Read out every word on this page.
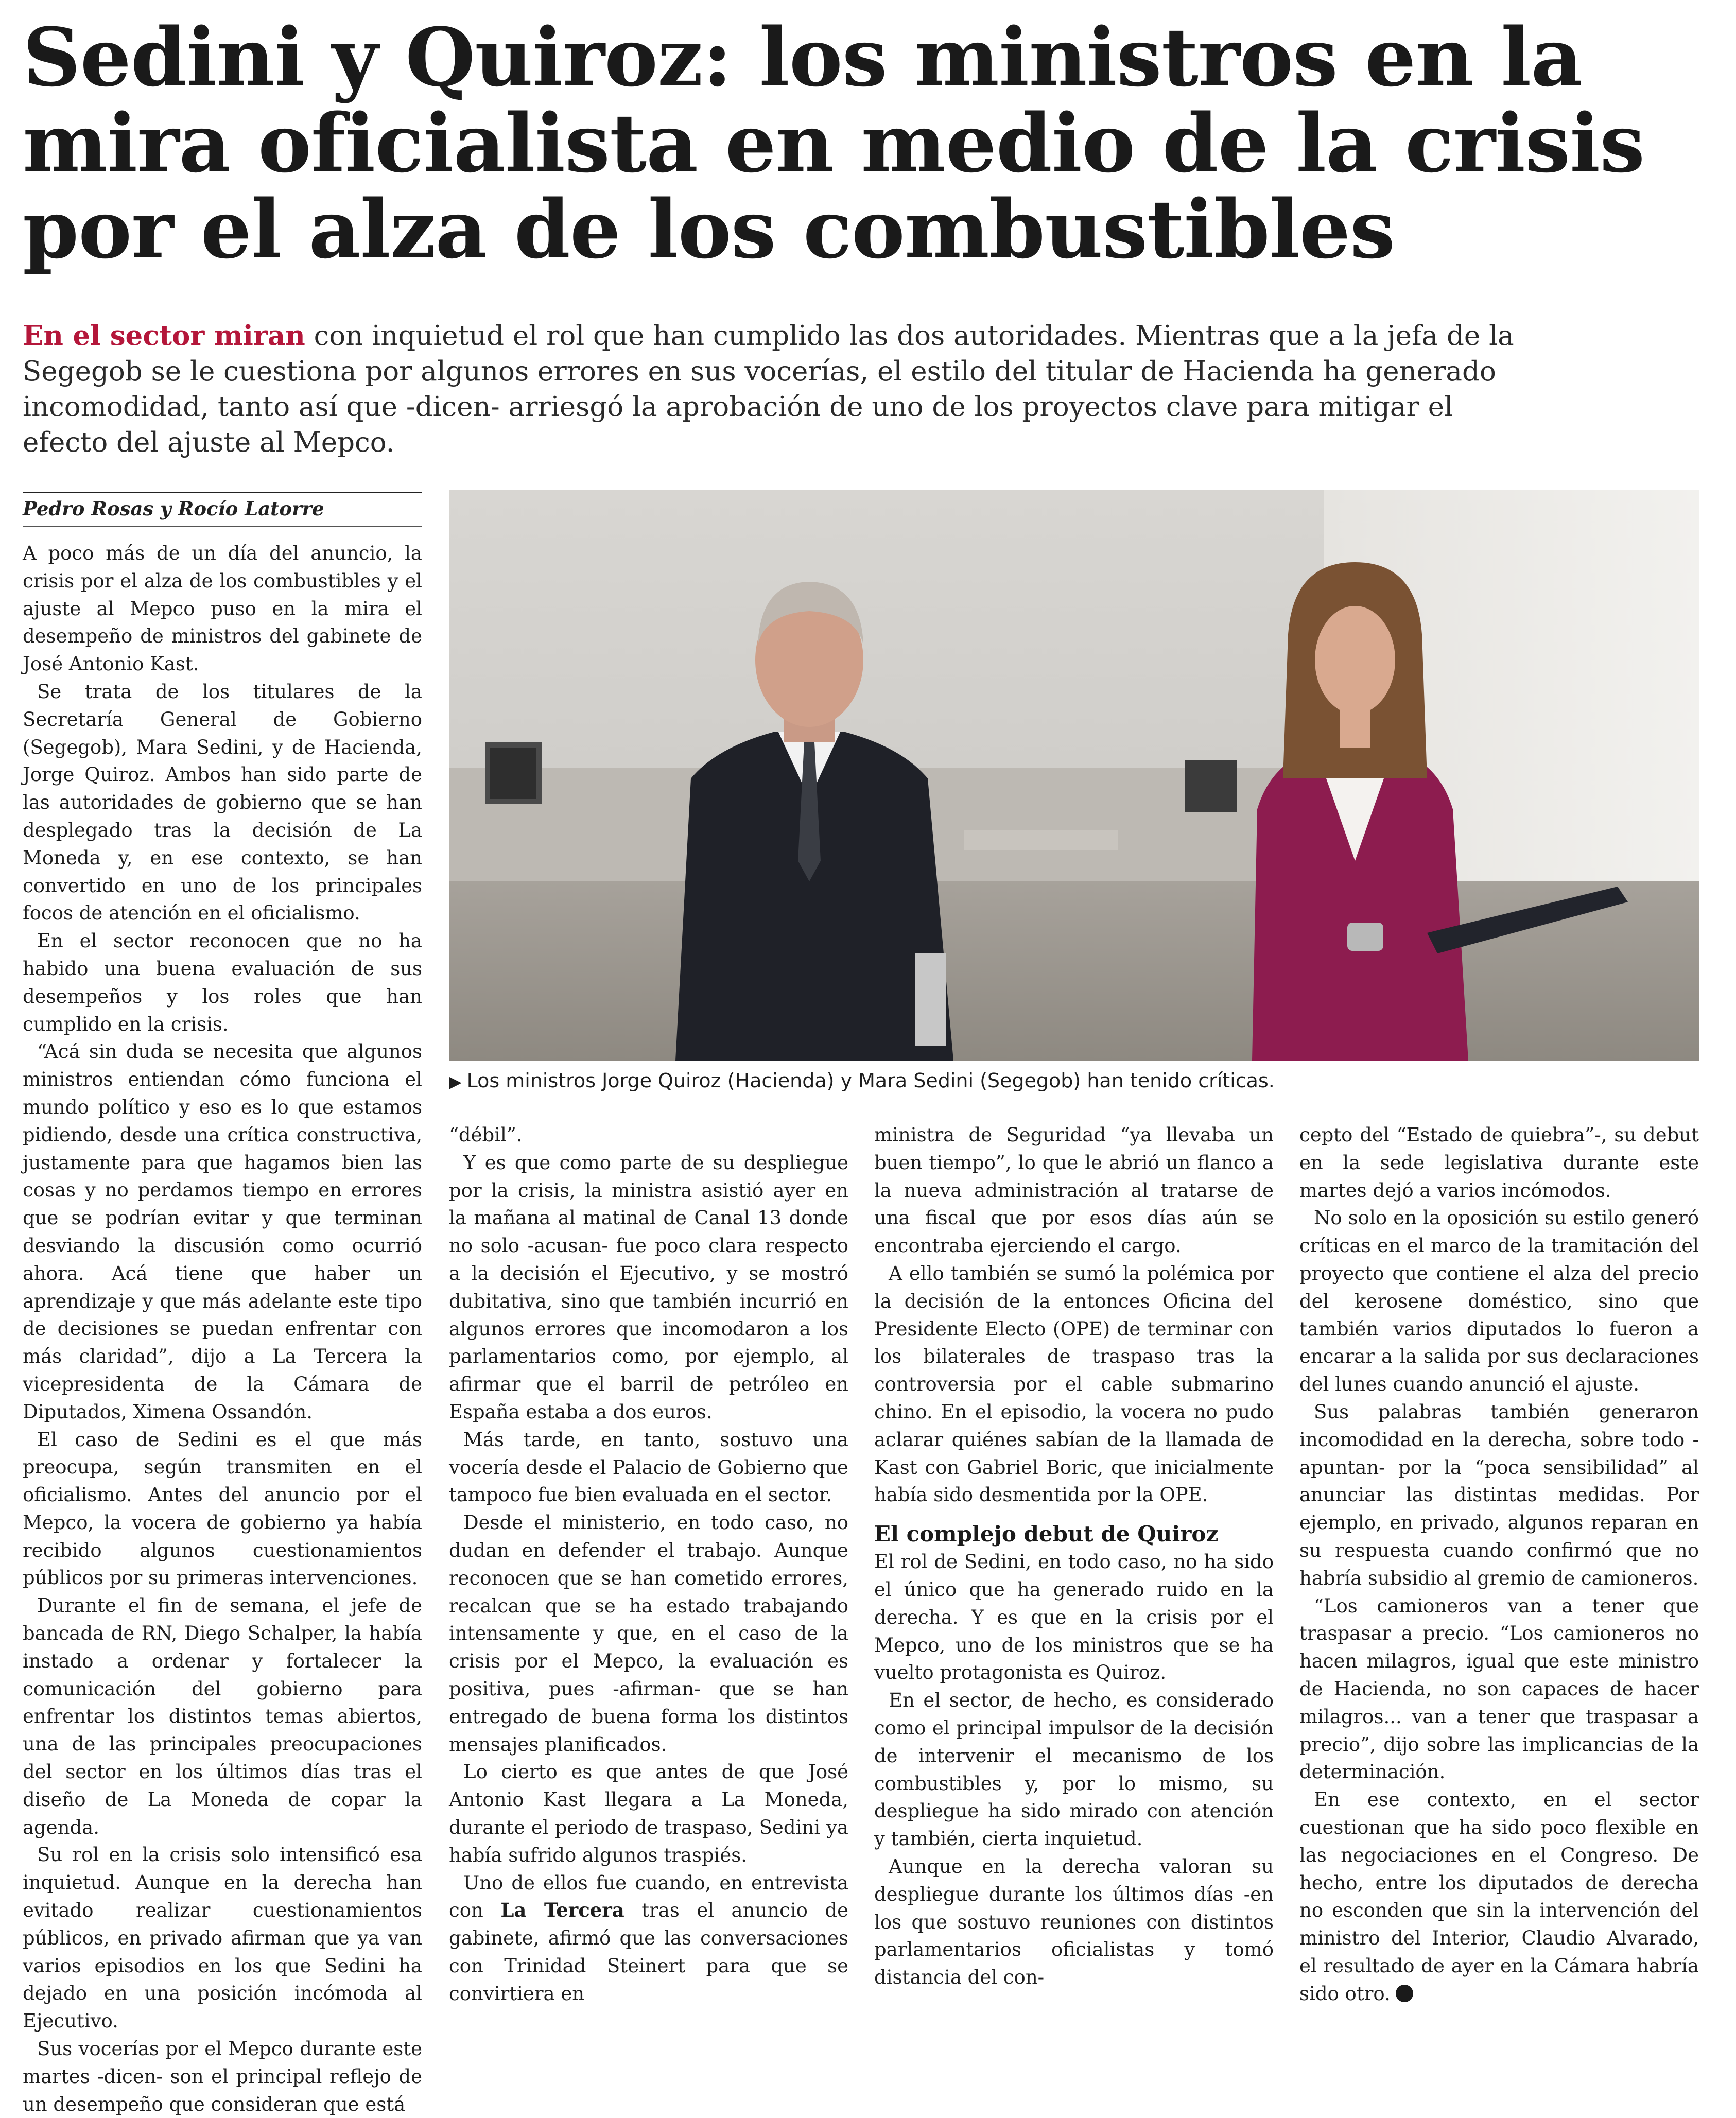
Sedini y Quiroz: los ministros en la mira oficialista en medio de la crisis por el alza de los combustibles

En el sector miran con inquietud el rol que han cumplido las dos autoridades. Mientras que a la jefa de la Segegob se le cuestiona por algunos errores en sus vocerías, el estilo del titular de Hacienda ha generado incomodidad, tanto así que -dicen- arriesgó la aprobación de uno de los proyectos clave para mitigar el efecto del ajuste al Mepco.

Pedro Rosas y Rocío Latorre

A poco más de un día del anuncio, la crisis por el alza de los combustibles y el ajuste al Mepco puso en la mira el desempeño de ministros del gabinete de José Antonio Kast.

Se trata de los titulares de la Secretaría General de Gobierno (Segegob), Mara Sedini, y de Hacienda, Jorge Quiroz. Ambos han sido parte de las autoridades de gobierno que se han desplegado tras la decisión de La Moneda y, en ese contexto, se han convertido en uno de los principales focos de atención en el oficialismo.

En el sector reconocen que no ha habido una buena evaluación de sus desempeños y los roles que han cumplido en la crisis.

“Acá sin duda se necesita que algunos ministros entiendan cómo funciona el mundo político y eso es lo que estamos pidiendo, desde una crítica constructiva, justamente para que hagamos bien las cosas y no perdamos tiempo en errores que se podrían evitar y que terminan desviando la discusión como ocurrió ahora. Acá tiene que haber un aprendizaje y que más adelante este tipo de decisiones se puedan enfrentar con más claridad”, dijo a La Tercera la vicepresidenta de la Cámara de Diputados, Ximena Ossandón.

El caso de Sedini es el que más preocupa, según transmiten en el oficialismo. Antes del anuncio por el Mepco, la vocera de gobierno ya había recibido algunos cuestionamientos públicos por su primeras intervenciones.

Durante el fin de semana, el jefe de bancada de RN, Diego Schalper, la había instado a ordenar y fortalecer la comunicación del gobierno para enfrentar los distintos temas abiertos, una de las principales preocupaciones del sector en los últimos días tras el diseño de La Moneda de copar la agenda.

Su rol en la crisis solo intensificó esa inquietud. Aunque en la derecha han evitado realizar cuestionamientos públicos, en privado afirman que ya van varios episodios en los que Sedini ha dejado en una posición incómoda al Ejecutivo.

Sus vocerías por el Mepco durante este martes -dicen- son el principal reflejo de un desempeño que consideran que está

▶ Los ministros Jorge Quiroz (Hacienda) y Mara Sedini (Segegob) han tenido críticas.

“débil”.

Y es que como parte de su despliegue por la crisis, la ministra asistió ayer en la mañana al matinal de Canal 13 donde no solo -acusan- fue poco clara respecto a la decisión el Ejecutivo, y se mostró dubitativa, sino que también incurrió en algunos errores que incomodaron a los parlamentarios como, por ejemplo, al afirmar que el barril de petróleo en España estaba a dos euros.

Más tarde, en tanto, sostuvo una vocería desde el Palacio de Gobierno que tampoco fue bien evaluada en el sector.

Desde el ministerio, en todo caso, no dudan en defender el trabajo. Aunque reconocen que se han cometido errores, recalcan que se ha estado trabajando intensamente y que, en el caso de la crisis por el Mepco, la evaluación es positiva, pues -afirman- que se han entregado de buena forma los distintos mensajes planificados.

Lo cierto es que antes de que José Antonio Kast llegara a La Moneda, durante el periodo de traspaso, Sedini ya había sufrido algunos traspiés.

Uno de ellos fue cuando, en entrevista con La Tercera tras el anuncio de gabinete, afirmó que las conversaciones con Trinidad Steinert para que se convirtiera en

ministra de Seguridad “ya llevaba un buen tiempo”, lo que le abrió un flanco a la nueva administración al tratarse de una fiscal que por esos días aún se encontraba ejerciendo el cargo.

A ello también se sumó la polémica por la decisión de la entonces Oficina del Presidente Electo (OPE) de terminar con los bilaterales de traspaso tras la controversia por el cable submarino chino. En el episodio, la vocera no pudo aclarar quiénes sabían de la llamada de Kast con Gabriel Boric, que inicialmente había sido desmentida por la OPE.

El complejo debut de Quiroz

El rol de Sedini, en todo caso, no ha sido el único que ha generado ruido en la derecha. Y es que en la crisis por el Mepco, uno de los ministros que se ha vuelto protagonista es Quiroz.

En el sector, de hecho, es considerado como el principal impulsor de la decisión de intervenir el mecanismo de los combustibles y, por lo mismo, su despliegue ha sido mirado con atención y también, cierta inquietud.

Aunque en la derecha valoran su despliegue durante los últimos días -en los que sostuvo reuniones con distintos parlamentarios oficialistas y tomó distancia del con-

cepto del “Estado de quiebra”-, su debut en la sede legislativa durante este martes dejó a varios incómodos.

No solo en la oposición su estilo generó críticas en el marco de la tramitación del proyecto que contiene el alza del precio del kerosene doméstico, sino que también varios diputados lo fueron a encarar a la salida por sus declaraciones del lunes cuando anunció el ajuste.

Sus palabras también generaron incomodidad en la derecha, sobre todo -apuntan- por la “poca sensibilidad” al anunciar las distintas medidas. Por ejemplo, en privado, algunos reparan en su respuesta cuando confirmó que no habría subsidio al gremio de camioneros.

“Los camioneros van a tener que traspasar a precio. “Los camioneros no hacen milagros, igual que este ministro de Hacienda, no son capaces de hacer milagros... van a tener que traspasar a precio”, dijo sobre las implicancias de la determinación.

En ese contexto, en el sector cuestionan que ha sido poco flexible en las negociaciones en el Congreso. De hecho, entre los diputados de derecha no esconden que sin la intervención del ministro del Interior, Claudio Alvarado, el resultado de ayer en la Cámara habría sido otro.
